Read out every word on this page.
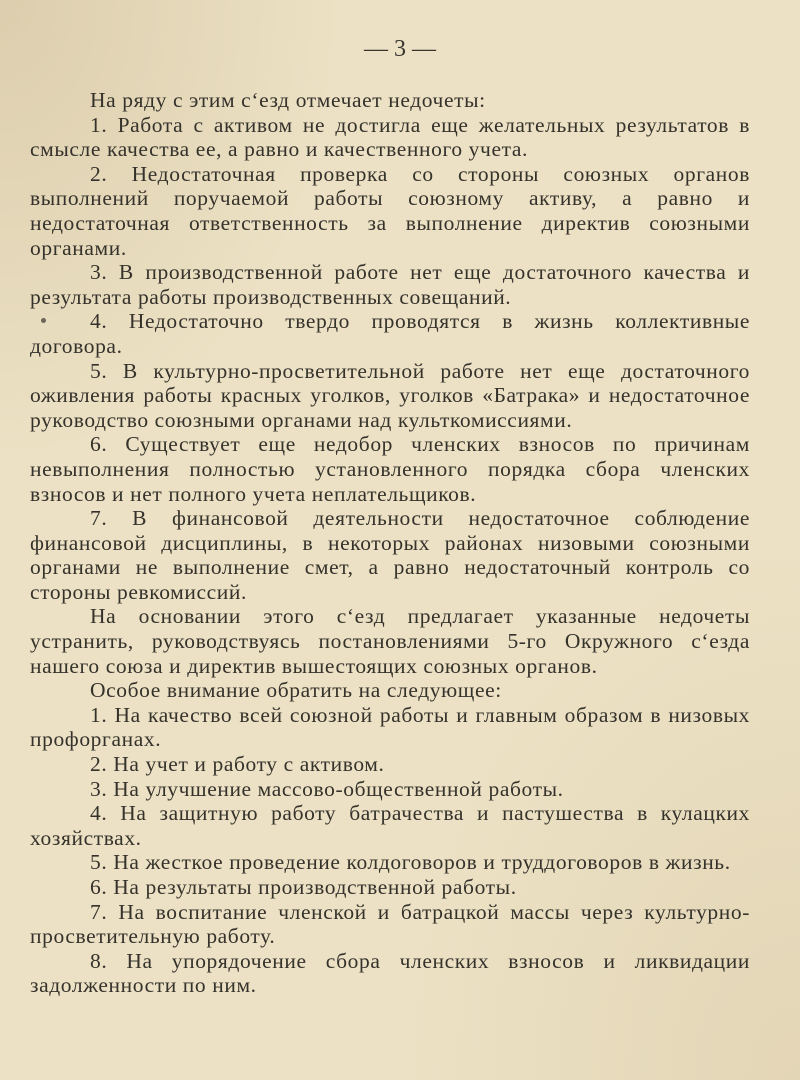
— 3 —

На ряду с этим сʻезд отмечает недочеты:

1. Работа с активом не достигла еще желательных результатов в смысле качества ее, а равно и качественного учета.

2. Недостаточная проверка со стороны союзных органов выполнений поручаемой работы союзному активу, а равно и недостаточная ответственность за выполнение директив союзными органами.

3. В производственной работе нет еще достаточного качества и результата работы производственных совещаний.

4. Недостаточно твердо проводятся в жизнь коллективные договора.

5. В культурно-просветительной работе нет еще достаточного оживления работы красных уголков, уголков «Батрака» и недостаточное руководство союзными органами над культкомиссиями.

6. Существует еще недобор членских взносов по причинам невыполнения полностью установленного порядка сбора членских взносов и нет полного учета неплательщиков.

7. В финансовой деятельности недостаточное соблюдение финансовой дисциплины, в некоторых районах низовыми союзными органами не выполнение смет, а равно недостаточный контроль со стороны ревкомиссий.

На основании этого сʻезд предлагает указанные недочеты устранить, руководствуясь постановлениями 5-го Окружного сʻезда нашего союза и директив вышестоящих союзных органов.

Особое внимание обратить на следующее:

1. На качество всей союзной работы и главным образом в низовых профорганах.

2. На учет и работу с активом.

3. На улучшение массово-общественной работы.

4. На защитную работу батрачества и пастушества в кулацких хозяйствах.

5. На жесткое проведение колдоговоров и труддоговоров в жизнь.

6. На результаты производственной работы.

7. На воспитание членской и батрацкой массы через культурно-просветительную работу.

8. На упорядочение сбора членских взносов и ликвидации задолженности по ним.
